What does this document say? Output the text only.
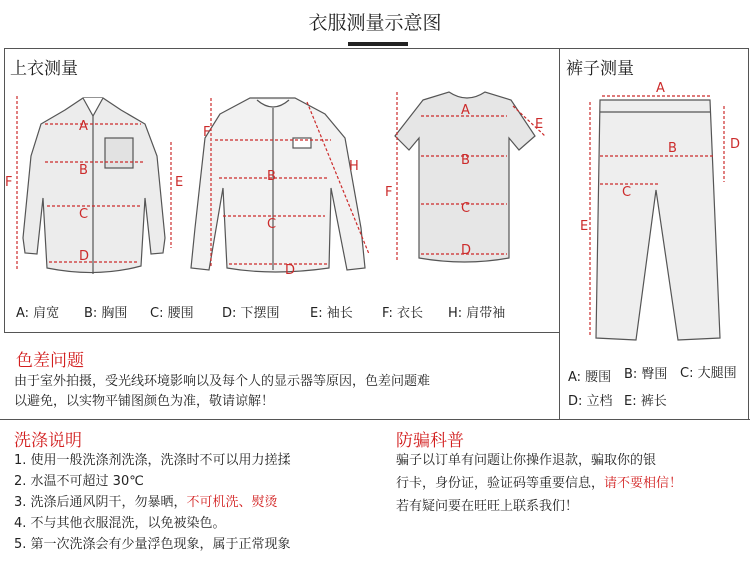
衣服测量示意图
上衣测量
A
B
C
D
E
F	B
C
D
F
H
A
B
C
D
E
F
A: 肩宽 B: 胸围 C: 腰围 D: 下摆围 E: 袖长 F: 衣长 H: 肩带袖
裤子测量
A
B
C
D
E
A: 腰围 B: 臀围 C: 大腿围
D: 立档 E: 裤长
色差问题
由于室外拍摄，受光线环境影响以及每个人的显示器等原因，色差问题难
以避免，以实物平铺图颜色为准，敬请谅解！
洗涤说明
1. 使用一般洗涤剂洗涤，洗涤时不可以用力搓揉
2. 水温不可超过 30℃
3. 洗涤后通风阴干，勿暴晒，不可机洗、熨烫
4. 不与其他衣服混洗，以免被染色。
5. 第一次洗涤会有少量浮色现象，属于正常现象
防骗科普
骗子以订单有问题让你操作退款，骗取你的银
行卡，身份证，验证码等重要信息，请不要相信！
若有疑问要在旺旺上联系我们！
